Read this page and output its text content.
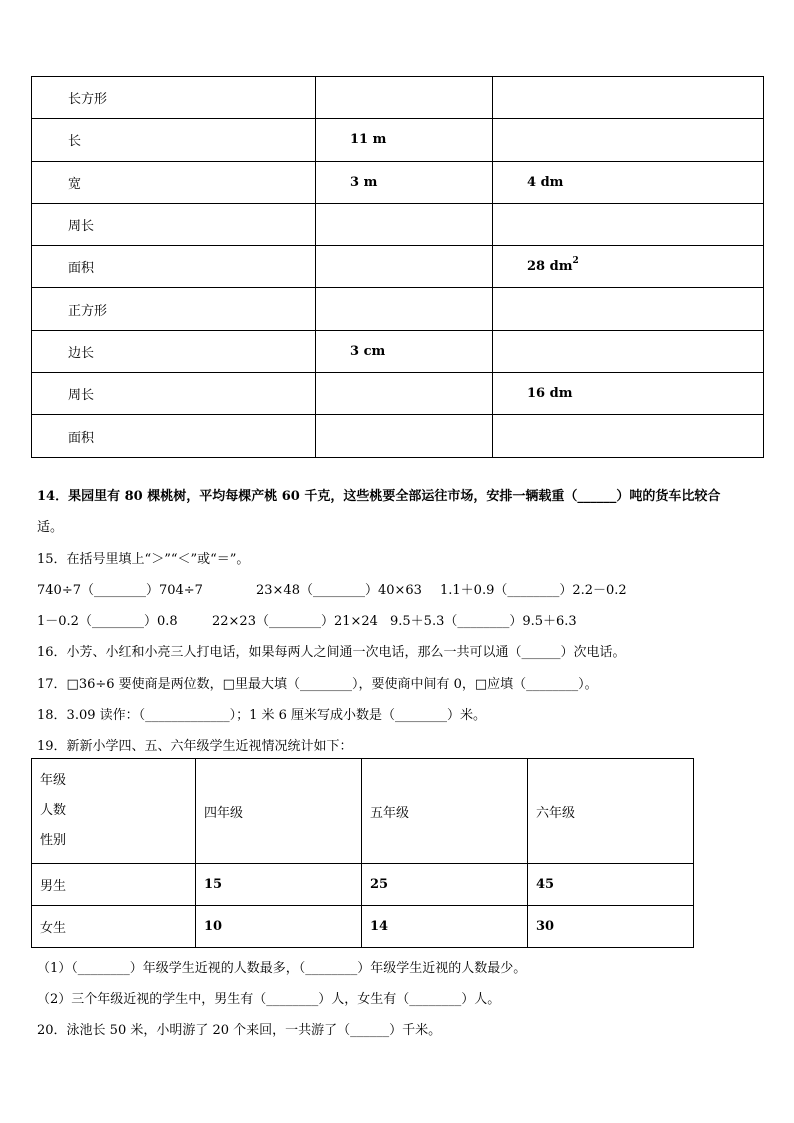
长方形		
长	11 m	
宽	3 m	4 dm
周长		
面积		28 $dm^2$
正方形		
边长	3 cm	
周长		16 dm
面积		
14．果园里有 80 棵桃树，平均每棵产桃 60 千克，这些桃要全部运往市场，安排一辆载重（______）吨的货车比较合
适。
15．在括号里填上“＞”“＜”或“＝”。
740÷7（________）704÷7	23×48（________）40×63 1.1＋0.9（________）2.2－0.2
1－0.2（________）0.8	22×23（________）21×24 9.5＋5.3（________）9.5＋6.3
16．小芳、小红和小亮三人打电话，如果每两人之间通一次电话，那么一共可以通（______）次电话。
17．□36÷6 要使商是两位数，□里最大填（________），要使商中间有 0，□应填（________）。
18．3.09 读作：（_____________）；1 米 6 厘米写成小数是（________）米。
19．新新小学四、五、六年级学生近视情况统计如下：
年级
人数
性别	四年级	五年级	六年级
男生	15	25	45
女生	10	14	30
（1）（________）年级学生近视的人数最多，（________）年级学生近视的人数最少。
（2）三个年级近视的学生中，男生有（________）人，女生有（________）人。
20．泳池长 50 米，小明游了 20 个来回，一共游了（______）千米。
